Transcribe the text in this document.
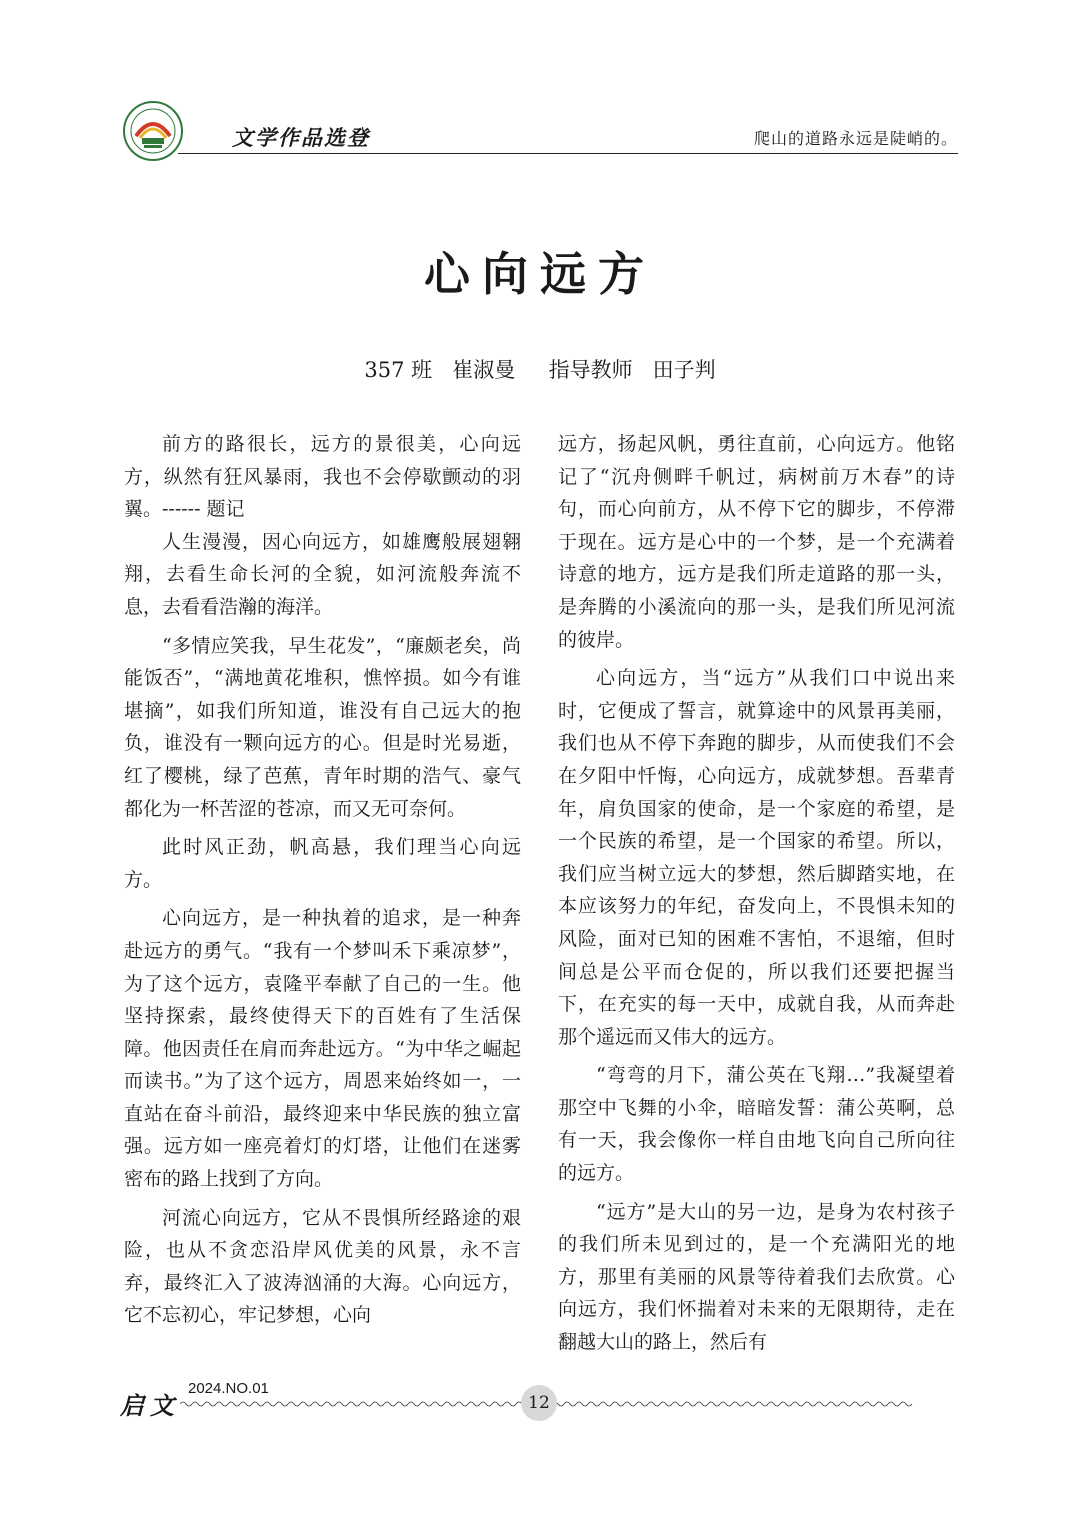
文学作品选登	爬山的道路永远是陡峭的。
心向远方
357 班   崔淑曼     指导教师   田子判

前方的路很长，远方的景很美，心向远方，纵然有狂风暴雨，我也不会停歇颤动的羽翼。------ 题记

人生漫漫，因心向远方，如雄鹰般展翅翱翔，去看生命长河的全貌，如河流般奔流不息，去看看浩瀚的海洋。

“多情应笑我，早生花发”，“廉颇老矣，尚能饭否”，“满地黄花堆积，憔悴损。如今有谁堪摘”，如我们所知道，谁没有自己远大的抱负，谁没有一颗向远方的心。但是时光易逝，红了樱桃，绿了芭蕉，青年时期的浩气、豪气都化为一杯苦涩的苍凉，而又无可奈何。

此时风正劲，帆高悬，我们理当心向远方。

心向远方，是一种执着的追求，是一种奔赴远方的勇气。“我有一个梦叫禾下乘凉梦”，为了这个远方，袁隆平奉献了自己的一生。他坚持探索，最终使得天下的百姓有了生活保障。他因责任在肩而奔赴远方。“为中华之崛起而读书。”为了这个远方，周恩来始终如一，一直站在奋斗前沿，最终迎来中华民族的独立富强。远方如一座亮着灯的灯塔，让他们在迷雾密布的路上找到了方向。

河流心向远方，它从不畏惧所经路途的艰险，也从不贪恋沿岸风优美的风景，永不言弃，最终汇入了波涛汹涌的大海。心向远方，它不忘初心，牢记梦想，心向

远方，扬起风帆，勇往直前，心向远方。他铭记了“沉舟侧畔千帆过，病树前万木春”的诗句，而心向前方，从不停下它的脚步，不停滞于现在。远方是心中的一个梦，是一个充满着诗意的地方，远方是我们所走道路的那一头，是奔腾的小溪流向的那一头，是我们所见河流的彼岸。

心向远方，当“远方”从我们口中说出来时，它便成了誓言，就算途中的风景再美丽，我们也从不停下奔跑的脚步，从而使我们不会在夕阳中忏悔，心向远方，成就梦想。吾辈青年，肩负国家的使命，是一个家庭的希望，是一个民族的希望，是一个国家的希望。所以，我们应当树立远大的梦想，然后脚踏实地，在本应该努力的年纪，奋发向上，不畏惧未知的风险，面对已知的困难不害怕，不退缩，但时间总是公平而仓促的，所以我们还要把握当下，在充实的每一天中，成就自我，从而奔赴那个遥远而又伟大的远方。

“弯弯的月下，蒲公英在飞翔…”我凝望着那空中飞舞的小伞，暗暗发誓：蒲公英啊，总有一天，我会像你一样自由地飞向自己所向往的远方。

“远方”是大山的另一边，是身为农村孩子的我们所未见到过的，是一个充满阳光的地方，那里有美丽的风景等待着我们去欣赏。心向远方，我们怀揣着对未来的无限期待，走在翻越大山的路上，然后有

启文
2024.NO.01
12
